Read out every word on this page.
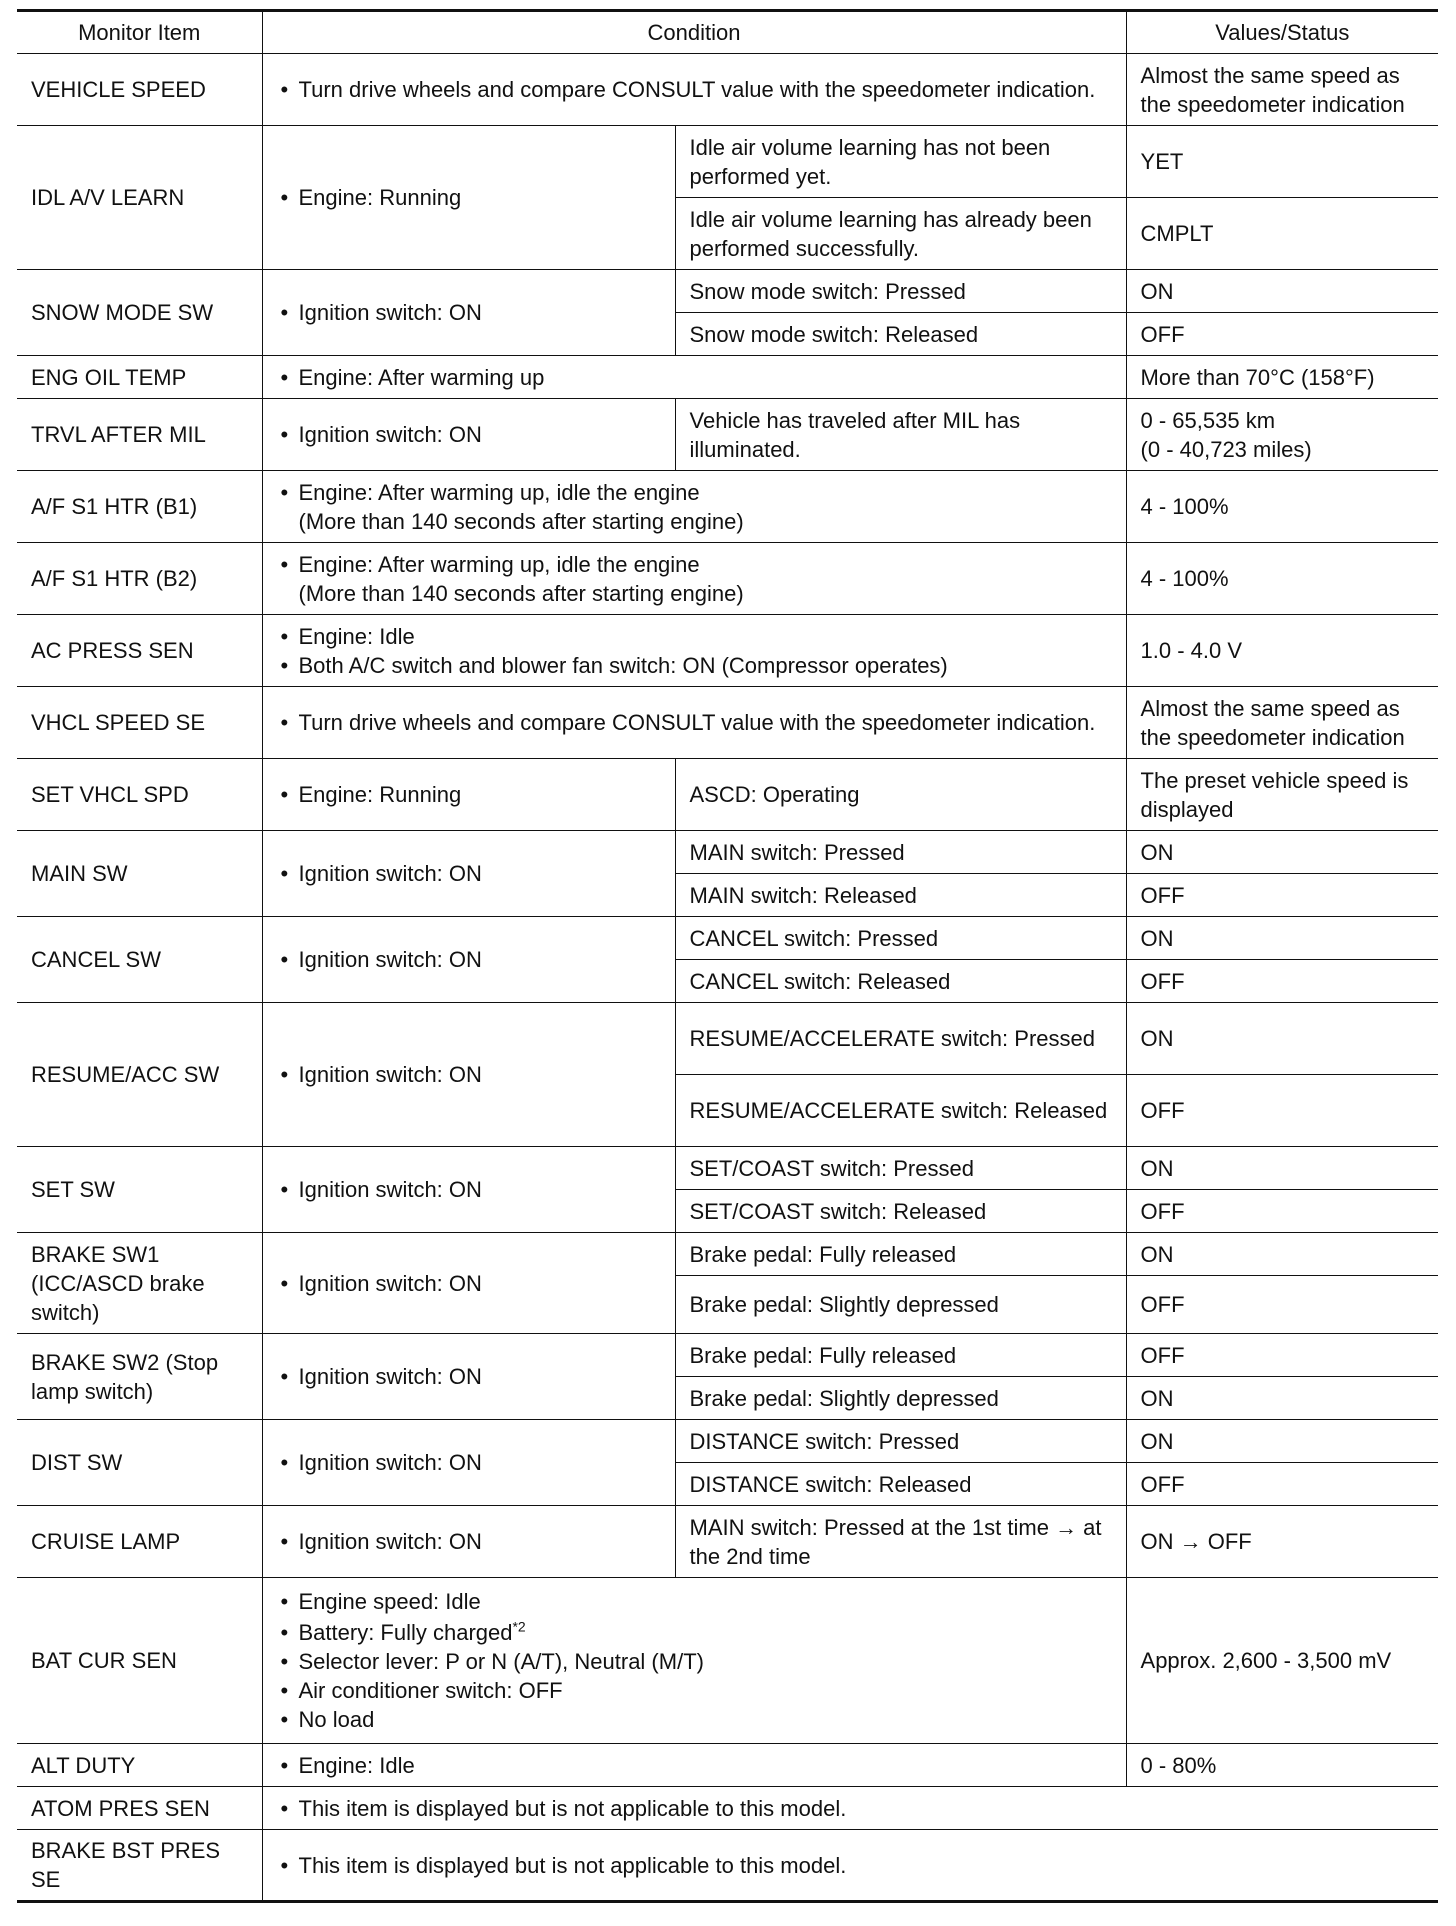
Monitor Item	Condition		Values/Status
VEHICLE SPEED	• Turn drive wheels and compare CONSULT value with the speedometer indication.		Almost the same speed as the speedometer indication
IDL A/V LEARN	• Engine: Running	Idle air volume learning has not been performed yet.	YET
		Idle air volume learning has already been performed successfully.	CMPLT
SNOW MODE SW	• Ignition switch: ON	Snow mode switch: Pressed	ON
		Snow mode switch: Released	OFF
ENG OIL TEMP	• Engine: After warming up		More than 70°C (158°F)
TRVL AFTER MIL	• Ignition switch: ON	Vehicle has traveled after MIL has illuminated.	0 - 65,535 km
(0 - 40,723 miles)

A/F S1 HTR (B1)	• Engine: After warming up, idle the engine
(More than 140 seconds after starting engine)		4 - 100%
A/F S1 HTR (B2)	• Engine: After warming up, idle the engine
(More than 140 seconds after starting engine)		4 - 100%
AC PRESS SEN	• Engine: Idle
• Both A/C switch and blower fan switch: ON (Compressor operates)		1.0 - 4.0 V
VHCL SPEED SE	• Turn drive wheels and compare CONSULT value with the speedometer indication.		Almost the same speed as the speedometer indication
SET VHCL SPD	• Engine: Running	ASCD: Operating	The preset vehicle speed is displayed
MAIN SW	• Ignition switch: ON	MAIN switch: Pressed	ON
		MAIN switch: Released	OFF
CANCEL SW	• Ignition switch: ON	CANCEL switch: Pressed	ON
		CANCEL switch: Released	OFF
RESUME/ACC SW	• Ignition switch: ON	RESUME/ACCELERATE switch: Pressed	ON
		RESUME/ACCELERATE switch: Released	OFF
SET SW	• Ignition switch: ON	SET/COAST switch: Pressed	ON
		SET/COAST switch: Released	OFF
BRAKE SW1 (ICC/ASCD brake switch)	• Ignition switch: ON	Brake pedal: Fully released	ON
		Brake pedal: Slightly depressed	OFF
BRAKE SW2 (Stop lamp switch)	• Ignition switch: ON	Brake pedal: Fully released	OFF
		Brake pedal: Slightly depressed	ON
DIST SW	• Ignition switch: ON	DISTANCE switch: Pressed	ON
		DISTANCE switch: Released	OFF
CRUISE LAMP	• Ignition switch: ON	MAIN switch: Pressed at the 1st time → at the 2nd time	ON → OFF
BAT CUR SEN	• Engine speed: Idle
• Battery: Fully charged$^{*2}$
• Selector lever: P or N (A/T), Neutral (M/T)
• Air conditioner switch: OFF
• No load		Approx. 2,600 - 3,500 mV
ALT DUTY	• Engine: Idle		0 - 80%
ATOM PRES SEN	• This item is displayed but is not applicable to this model.

BRAKE BST PRES SE	• This item is displayed but is not applicable to this model.
